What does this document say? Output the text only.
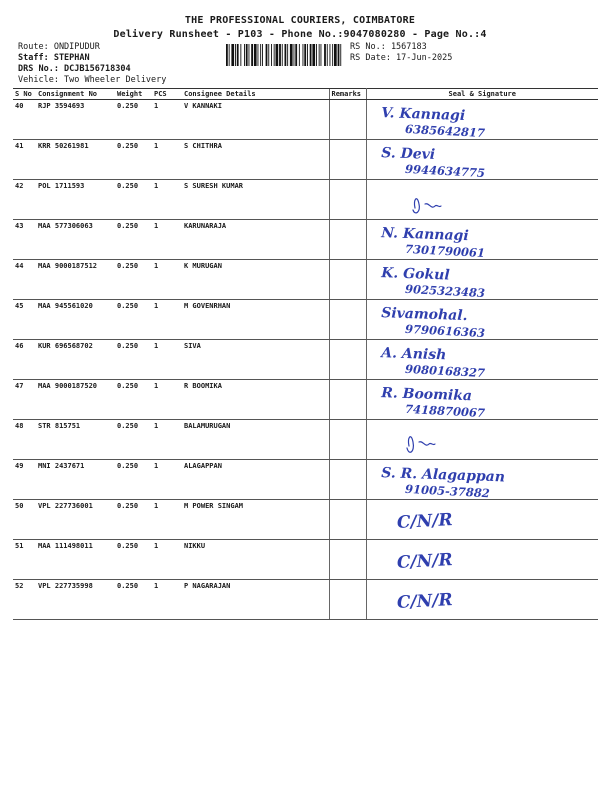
THE PROFESSIONAL COURIERS, COIMBATORE
Delivery Runsheet - P103 - Phone No.:9047080280 - Page No.:4
Route: ONDIPUDUR
Staff: STEPHAN
DRS No.: DCJB156718304
Vehicle: Two Wheeler Delivery
RS No.: 1567183
RS Date: 17-Jun-2025
S No	Consignment No	Weight	PCS	Consignee Details	Remarks	Seal & Signature
40	RJP 3594693	0.250	1	V KANNAKI		V. Kannagi
6385642817

41	KRR 50261981	0.250	1	S CHITHRA		S. Devi
9944634775

42	POL 1711593	0.250	1	S SURESH KUMAR		

43	MAA 577306063	0.250	1	KARUNARAJA		N. Kannagi
7301790061

44	MAA 9000187512	0.250	1	K MURUGAN		K. Gokul
9025323483

45	MAA 945561020	0.250	1	M GOVENRHAN		Sivamohal.
9790616363

46	KUR 696568702	0.250	1	SIVA		A. Anish
9080168327

47	MAA 9000187520	0.250	1	R BOOMIKA		R. Boomika
7418870067

48	STR 815751	0.250	1	BALAMURUGAN		

49	MNI 2437671	0.250	1	ALAGAPPAN		S. R. Alagappan
91005-37882

50	VPL 227736001	0.250	1	M POWER SINGAM		C/N/R

51	MAA 111498011	0.250	1	NIKKU		C/N/R

52	VPL 227735998	0.250	1	P NAGARAJAN		C/N/R
